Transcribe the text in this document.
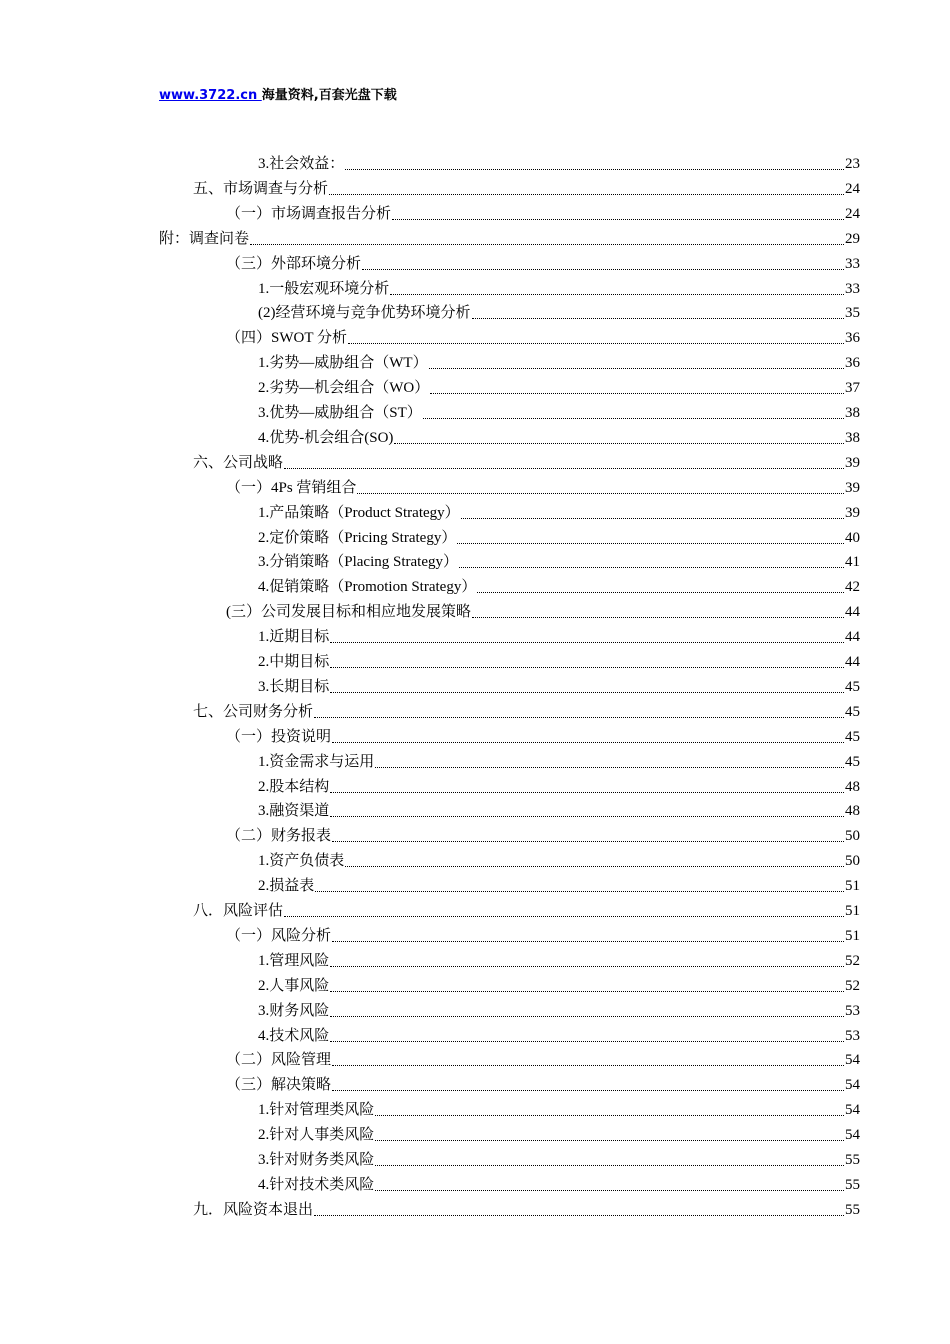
www.3722.cn 海量资料,百套光盘下载
3.社会效益：	23
五、市场调查与分析	24
（一）市场调查报告分析	24
附：调查问卷	29
（三）外部环境分析	33
1.一般宏观环境分析	33
(2)经营环境与竞争优势环境分析	35
（四）SWOT 分析	36
1.劣势—威胁组合（WT）	36
2.劣势—机会组合（WO）	37
3.优势—威胁组合（ST）	38
4.优势-机会组合(SO)	38
六、公司战略	39
（一）4Ps 营销组合	39
1.产品策略（Product Strategy）	39
2.定价策略（Pricing Strategy）	40
3.分销策略（Placing Strategy）	41
4.促销策略（Promotion Strategy）	42
(三）公司发展目标和相应地发展策略	44
1.近期目标	44
2.中期目标	44
3.长期目标	45
七、公司财务分析	45
（一）投资说明	45
1.资金需求与运用	45
2.股本结构	48
3.融资渠道	48
（二）财务报表	50
1.资产负债表	50
2.损益表	51
八．风险评估	51
（一）风险分析	51
1.管理风险	52
2.人事风险	52
3.财务风险	53
4.技术风险	53
（二）风险管理	54
（三）解决策略	54
1.针对管理类风险	54
2.针对人事类风险	54
3.针对财务类风险	55
4.针对技术类风险	55
九．风险资本退出	55
